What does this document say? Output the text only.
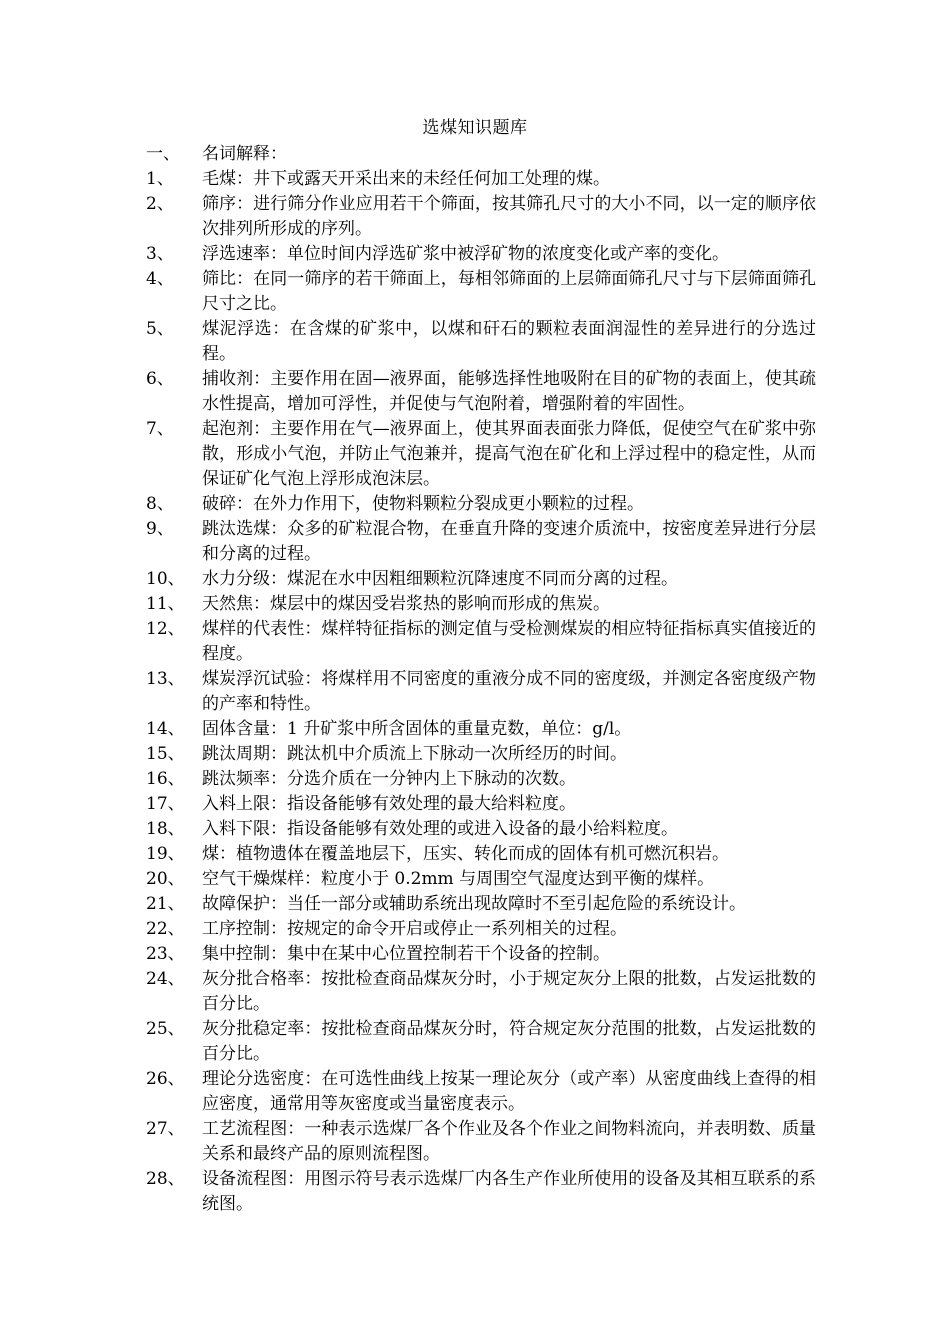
选煤知识题库
一、	名词解释：
1、	毛煤：井下或露天开采出来的未经任何加工处理的煤。
2、	筛序：进行筛分作业应用若干个筛面，按其筛孔尺寸的大小不同，以一定的顺序依次排列所形成的序列。
3、	浮选速率：单位时间内浮选矿浆中被浮矿物的浓度变化或产率的变化。
4、	筛比：在同一筛序的若干筛面上，每相邻筛面的上层筛面筛孔尺寸与下层筛面筛孔尺寸之比。
5、	煤泥浮选：在含煤的矿浆中，以煤和矸石的颗粒表面润湿性的差异进行的分选过程。
6、	捕收剂：主要作用在固—液界面，能够选择性地吸附在目的矿物的表面上，使其疏水性提高，增加可浮性，并促使与气泡附着，增强附着的牢固性。
7、	起泡剂：主要作用在气—液界面上，使其界面表面张力降低，促使空气在矿浆中弥散，形成小气泡，并防止气泡兼并，提高气泡在矿化和上浮过程中的稳定性，从而保证矿化气泡上浮形成泡沫层。
8、	破碎：在外力作用下，使物料颗粒分裂成更小颗粒的过程。
9、	跳汰选煤：众多的矿粒混合物，在垂直升降的变速介质流中，按密度差异进行分层和分离的过程。
10、	水力分级：煤泥在水中因粗细颗粒沉降速度不同而分离的过程。
11、	天然焦：煤层中的煤因受岩浆热的影响而形成的焦炭。
12、	煤样的代表性：煤样特征指标的测定值与受检测煤炭的相应特征指标真实值接近的程度。
13、	煤炭浮沉试验：将煤样用不同密度的重液分成不同的密度级，并测定各密度级产物的产率和特性。
14、	固体含量：1 升矿浆中所含固体的重量克数，单位：g/l。
15、	跳汰周期：跳汰机中介质流上下脉动一次所经历的时间。
16、	跳汰频率：分选介质在一分钟内上下脉动的次数。
17、	入料上限：指设备能够有效处理的最大给料粒度。
18、	入料下限：指设备能够有效处理的或进入设备的最小给料粒度。
19、	煤：植物遗体在覆盖地层下，压实、转化而成的固体有机可燃沉积岩。
20、	空气干燥煤样：粒度小于 0.2mm 与周围空气湿度达到平衡的煤样。
21、	故障保护：当任一部分或辅助系统出现故障时不至引起危险的系统设计。
22、	工序控制：按规定的命令开启或停止一系列相关的过程。
23、	集中控制：集中在某中心位置控制若干个设备的控制。
24、	灰分批合格率：按批检查商品煤灰分时，小于规定灰分上限的批数，占发运批数的百分比。
25、	灰分批稳定率：按批检查商品煤灰分时，符合规定灰分范围的批数，占发运批数的百分比。
26、	理论分选密度：在可选性曲线上按某一理论灰分（或产率）从密度曲线上查得的相应密度，通常用等灰密度或当量密度表示。
27、	工艺流程图：一种表示选煤厂各个作业及各个作业之间物料流向，并表明数、质量关系和最终产品的原则流程图。
28、	设备流程图：用图示符号表示选煤厂内各生产作业所使用的设备及其相互联系的系统图。
